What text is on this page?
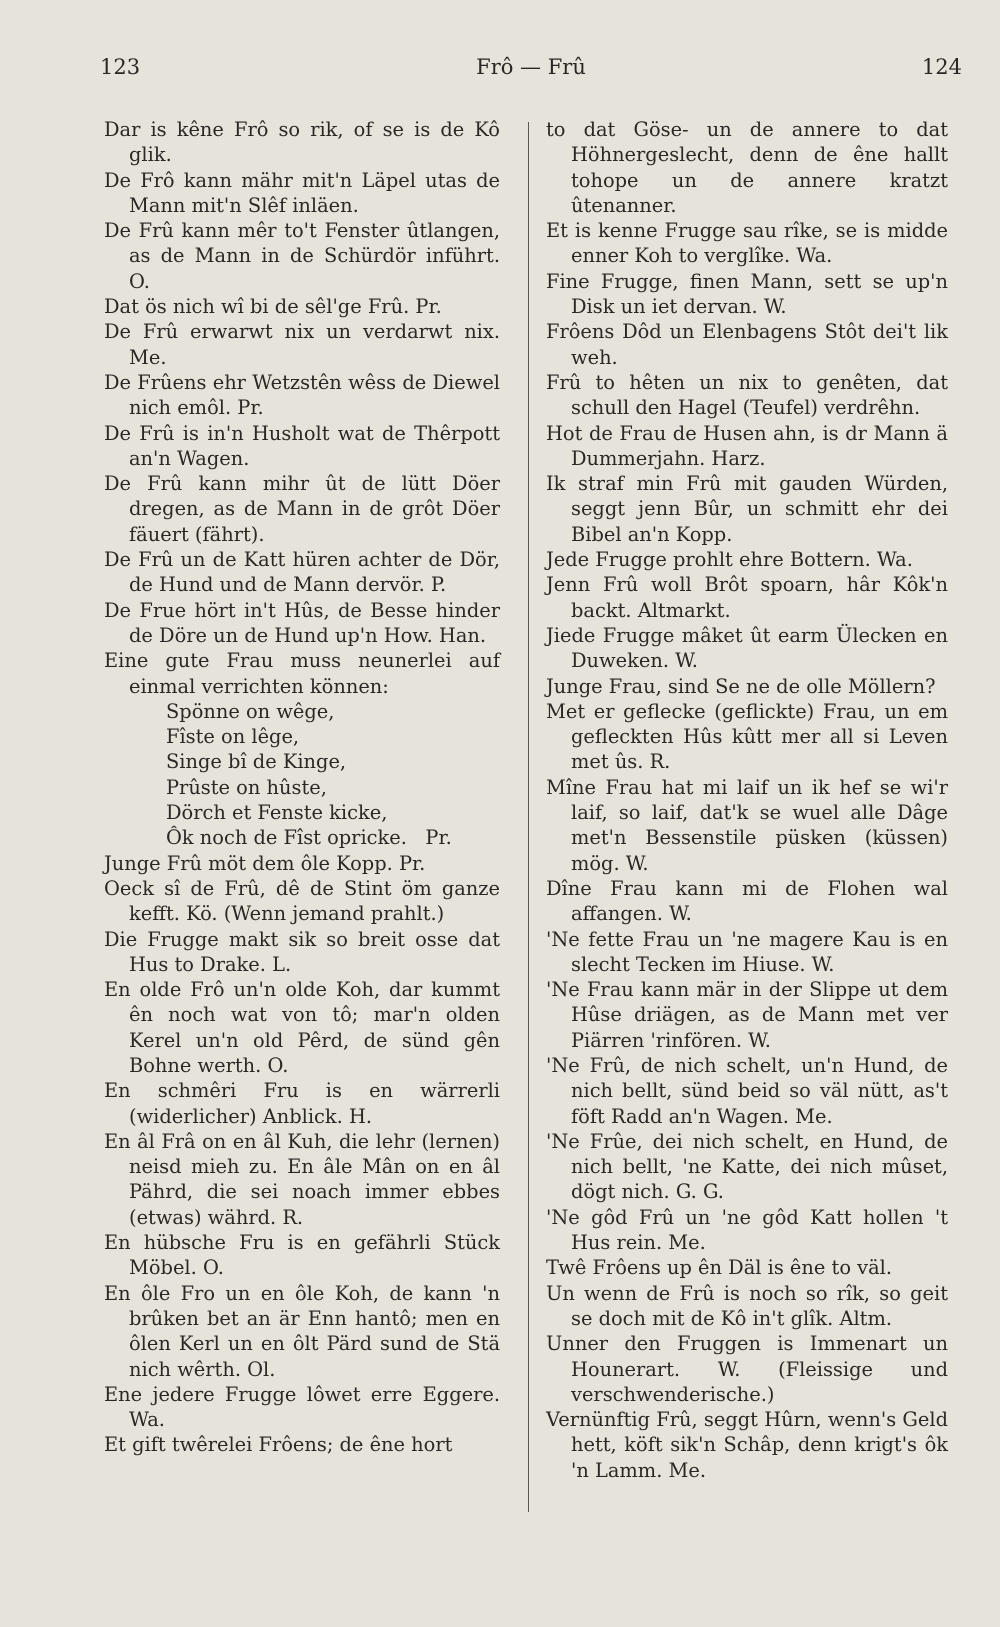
123	Frô — Frû	124

Dar is kêne Frô so rik, of se is de Kô glik.

De Frô kann mähr mit'n Läpel utas de Mann mit'n Slêf inläen.

De Frû kann mêr to't Fenster ûtlangen, as de Mann in de Schürdör inführt. O.

Dat ös nich wî bi de sêl'ge Frû. Pr.

De Frû erwarwt nix un verdarwt nix. Me.

De Frûens ehr Wetzstên wêss de Diewel nich emôl. Pr.

De Frû is in'n Husholt wat de Thêrpott an'n Wagen.

De Frû kann mihr ût de lütt Döer dregen, as de Mann in de grôt Döer fäuert (fährt).

De Frû un de Katt hüren achter de Dör, de Hund und de Mann dervör. P.

De Frue hört in't Hûs, de Besse hinder de Döre un de Hund up'n How. Han.

Eine gute Frau muss neunerlei auf einmal verrichten können:

Spönne on wêge,

Fîste on lêge,

Singe bî de Kinge,

Prûste on hûste,

Dörch et Fenste kicke,

Ôk noch de Fîst opricke.   Pr.

Junge Frû möt dem ôle Kopp. Pr.

Oeck sî de Frû, dê de Stint öm ganze kefft. Kö. (Wenn jemand prahlt.)

Die Frugge makt sik so breit osse dat Hus to Drake. L.

En olde Frô un'n olde Koh, dar kummt ên noch wat von tô; mar'n olden Kerel un'n old Pêrd, de sünd gên Bohne werth. O.

En schmêri Fru is en wärrerli (widerlicher) Anblick. H.

En âl Frâ on en âl Kuh, die lehr (lernen) neisd mieh zu. En âle Mân on en âl Pährd, die sei noach immer ebbes (etwas) währd. R.

En hübsche Fru is en gefährli Stück Möbel. O.

En ôle Fro un en ôle Koh, de kann 'n brûken bet an är Enn hantô; men en ôlen Kerl un en ôlt Pärd sund de Stä nich wêrth. Ol.

Ene jedere Frugge lôwet erre Eggere. Wa.

Et gift twêrelei Frôens; de êne hort

to dat Göse- un de annere to dat Höhnergeslecht, denn de êne hallt tohope un de annere kratzt ûtenanner.

Et is kenne Frugge sau rîke, se is midde enner Koh to verglîke. Wa.

Fine Frugge, finen Mann, sett se up'n Disk un iet dervan. W.

Frôens Dôd un Elenbagens Stôt dei't lik weh.

Frû to hêten un nix to genêten, dat schull den Hagel (Teufel) verdrêhn.

Hot de Frau de Husen ahn, is dr Mann ä Dummerjahn. Harz.

Ik straf min Frû mit gauden Würden, seggt jenn Bûr, un schmitt ehr dei Bibel an'n Kopp.

Jede Frugge prohlt ehre Bottern. Wa.

Jenn Frû woll Brôt spoarn, hâr Kôk'n backt. Altmarkt.

Jiede Frugge mâket ût earm Ülecken en Duweken. W.

Junge Frau, sind Se ne de olle Möllern?

Met er geflecke (geflickte) Frau, un em gefleckten Hûs kûtt mer all si Leven met ûs. R.

Mîne Frau hat mi laif un ik hef se wi'r laif, so laif, dat'k se wuel alle Dâge met'n Bessenstile püsken (küssen) mög. W.

Dîne Frau kann mi de Flohen wal affangen. W.

'Ne fette Frau un 'ne magere Kau is en slecht Tecken im Hiuse. W.

'Ne Frau kann mär in der Slippe ut dem Hûse driägen, as de Mann met ver Piärren 'rinfören. W.

'Ne Frû, de nich schelt, un'n Hund, de nich bellt, sünd beid so väl nütt, as't föft Radd an'n Wagen. Me.

'Ne Frûe, dei nich schelt, en Hund, de nich bellt, 'ne Katte, dei nich mûset, dögt nich. G. G.

'Ne gôd Frû un 'ne gôd Katt hollen 't Hus rein. Me.

Twê Frôens up ên Däl is êne to väl.

Un wenn de Frû is noch so rîk, so geit se doch mit de Kô in't glîk. Altm.

Unner den Fruggen is Immenart un Hounerart. W. (Fleissige und verschwenderische.)

Vernünftig Frû, seggt Hûrn, wenn's Geld hett, köft sik'n Schâp, denn krigt's ôk 'n Lamm. Me.
